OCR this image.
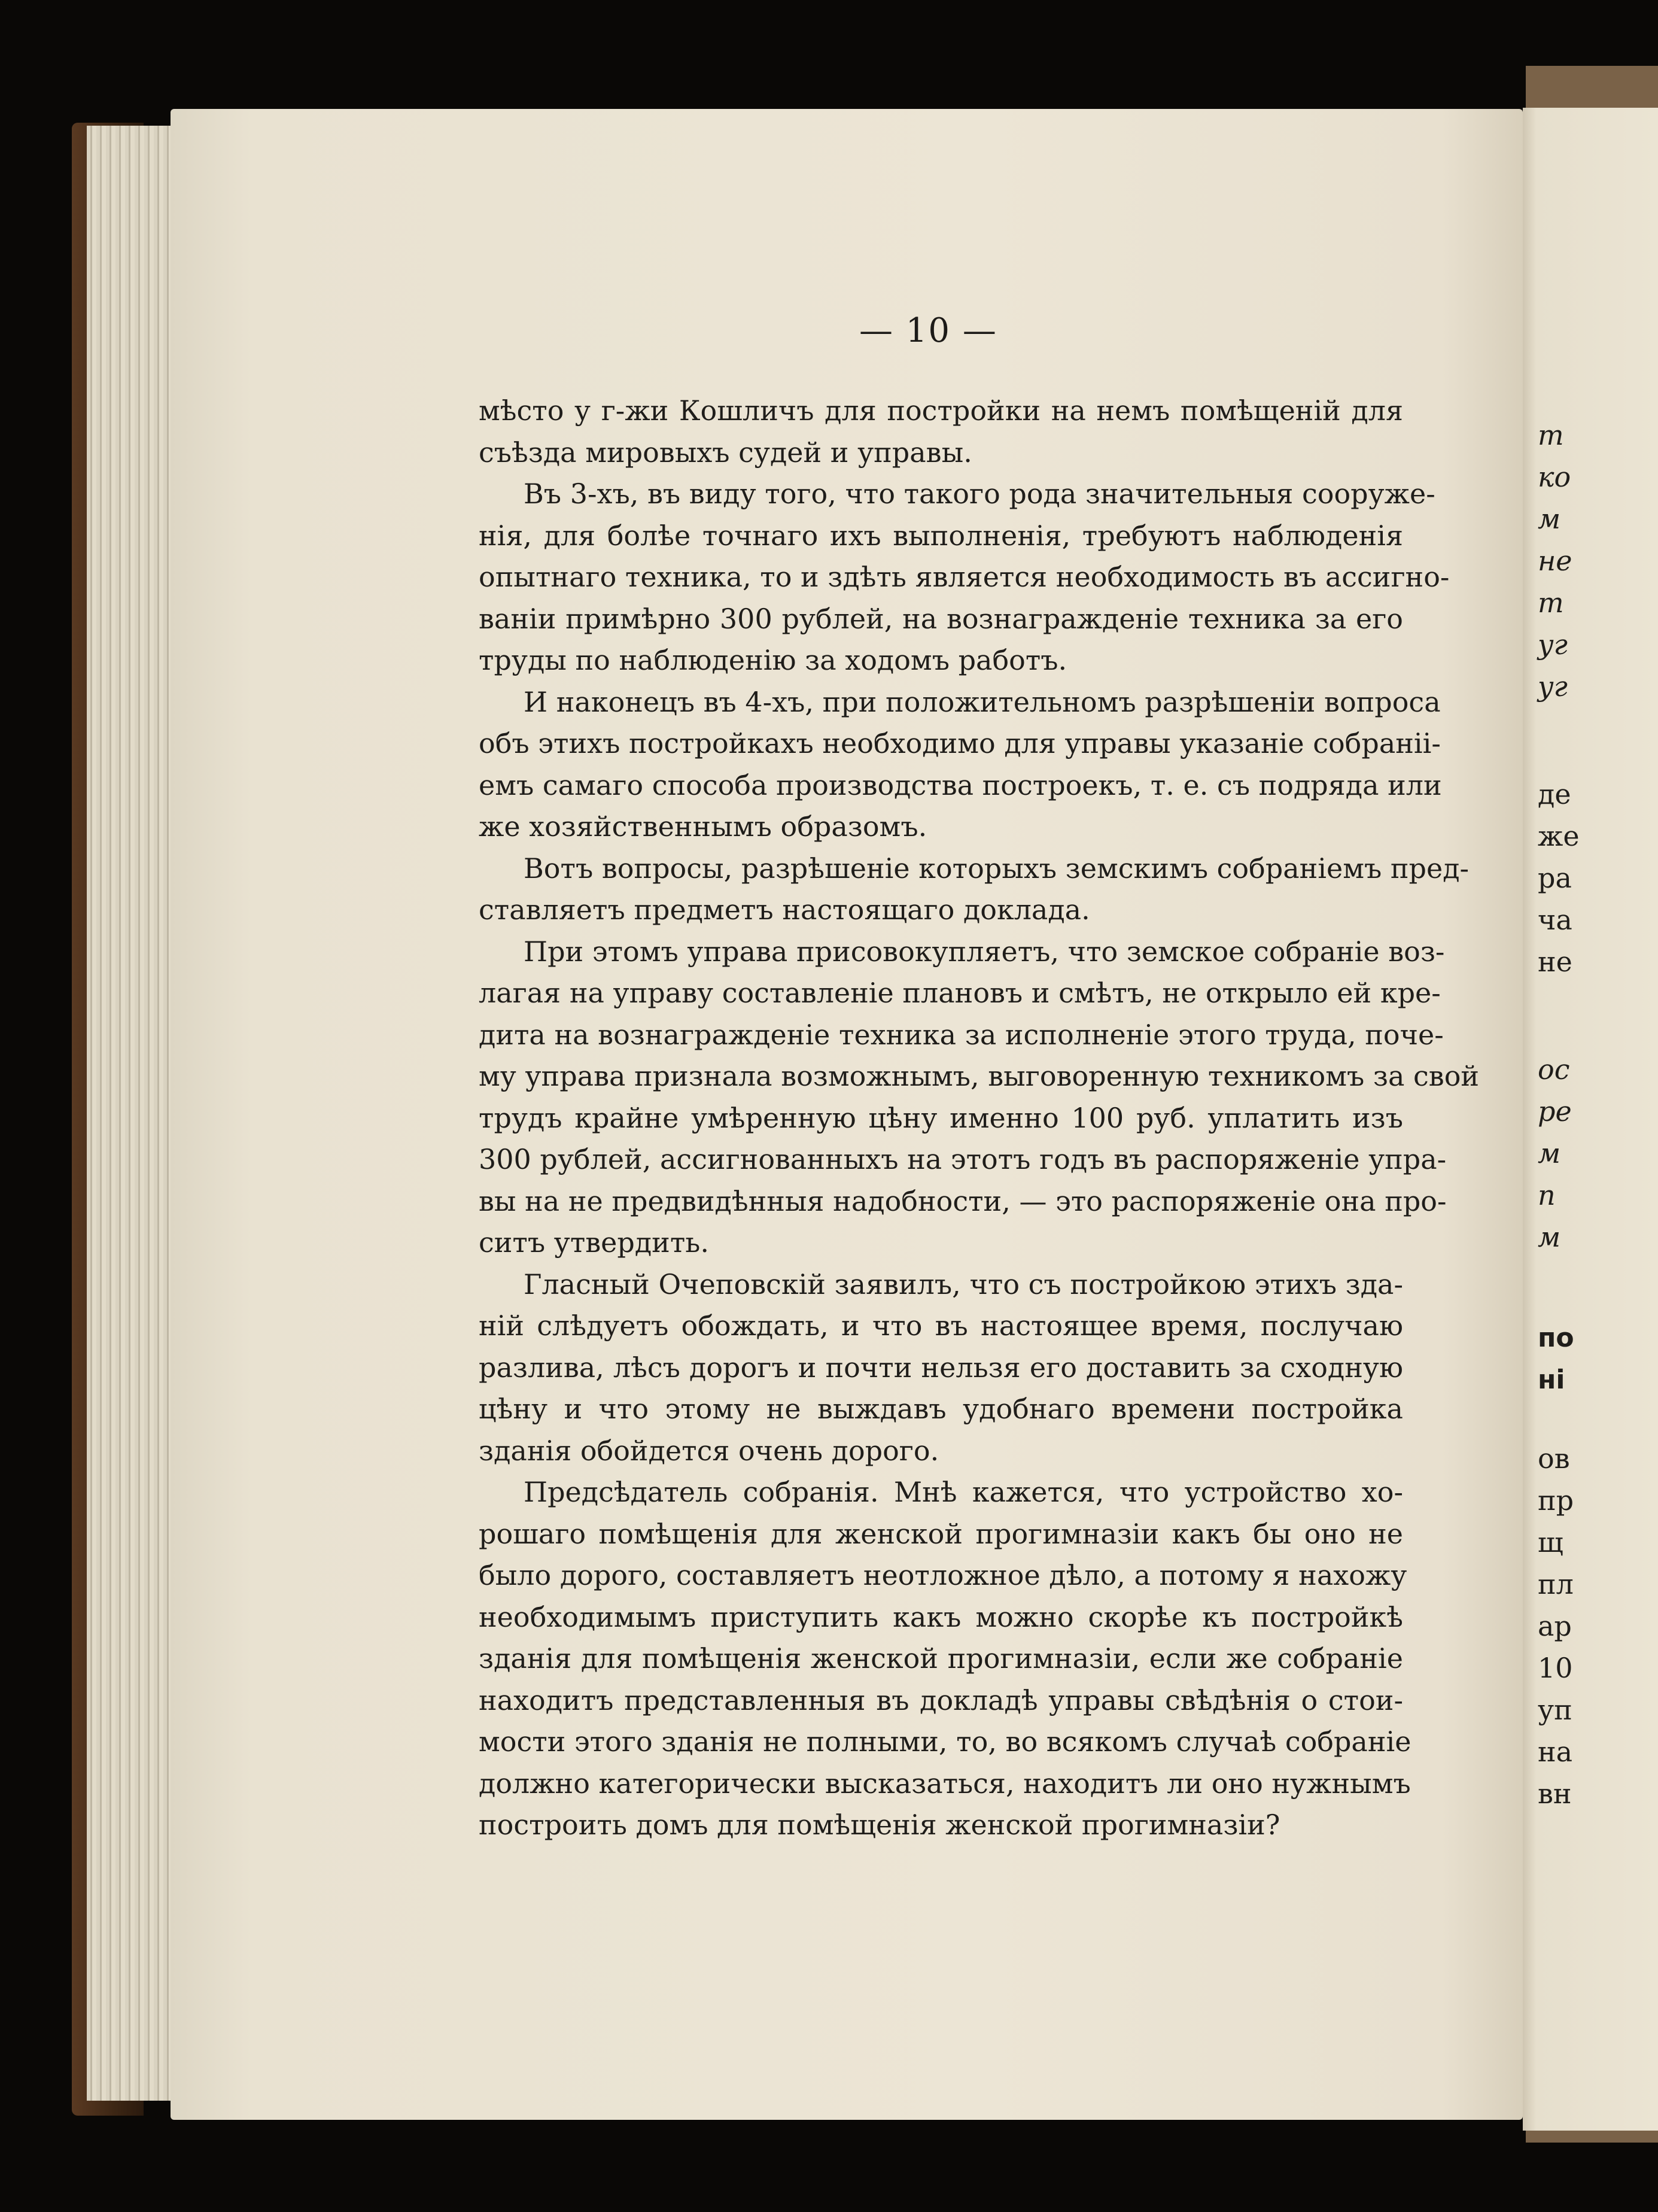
— 10 —
мѣсто у г-жи Кошличъ для постройки на немъ помѣщеній для
съѣзда мировыхъ судей и управы.
Въ 3-хъ, въ виду того, что такого рода значительныя сооруже-
нія, для болѣе точнаго ихъ выполненія, требуютъ наблюденія
опытнаго техника, то и здѣть является необходимость въ ассигно-
ваніи примѣрно 300 рублей, на вознагражденіе техника за его
труды по наблюденію за ходомъ работъ.
И наконецъ въ 4-хъ, при положительномъ разрѣшеніи вопроса
объ этихъ постройкахъ необходимо для управы указаніе собраніі-
емъ самаго способа производства построекъ, т. е. съ подряда или
же хозяйственнымъ образомъ.
Вотъ вопросы, разрѣшеніе которыхъ земскимъ собраніемъ пред-
ставляетъ предметъ настоящаго доклада.
При этомъ управа присовокупляетъ, что земское собраніе воз-
лагая на управу составленіе плановъ и смѣтъ, не открыло ей кре-
дита на вознагражденіе техника за исполненіе этого труда, поче-
му управа признала возможнымъ, выговоренную техникомъ за свой
трудъ крайне умѣренную цѣну именно 100 руб. уплатить изъ
300 рублей, ассигнованныхъ на этотъ годъ въ распоряженіе упра-
вы на не предвидѣнныя надобности, — это распоряженіе она про-
ситъ утвердить.
Гласный Очеповскій заявилъ, что съ постройкою этихъ зда-
ній слѣдуетъ обождать, и что въ настоящее время, послучаю
разлива, лѣсъ дорогъ и почти нельзя его доставить за сходную
цѣну и что этому не выждавъ удобнаго времени постройка
зданія обойдется очень дорого.
Предсѣдатель собранія. Мнѣ кажется, что устройство хо-
рошаго помѣщенія для женской прогимназіи какъ бы оно не
было дорого, составляетъ неотложное дѣло, а потому я нахожу
необходимымъ приступить какъ можно скорѣе къ постройкѣ
зданія для помѣщенія женской прогимназіи, если же собраніе
находитъ представленныя въ докладѣ управы свѣдѣнія о стои-
мости этого зданія не полными, то, во всякомъ случаѣ собраніе
должно категорически высказаться, находитъ ли оно нужнымъ
построить домъ для помѣщенія женской прогимназіи?
т
ко
м
не
т
уг
уг
де
же
ра
ча
не
ос
ре
м
п
м
по
ні
ов
пр
щ
пл
ар
10
уп
на
вн
